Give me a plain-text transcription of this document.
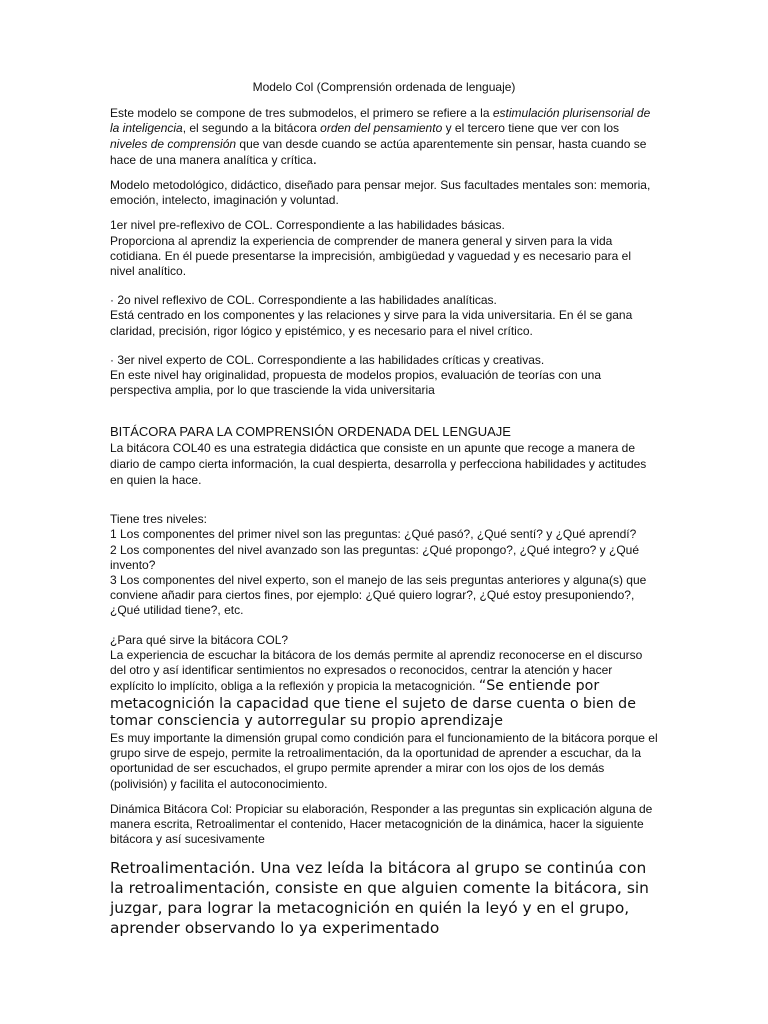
Modelo Col (Comprensión ordenada de lenguaje)

Este modelo se compone de tres submodelos, el primero se refiere a la estimulación plurisensorial de la inteligencia, el segundo a la bitácora orden del pensamiento y el tercero tiene que ver con los niveles de comprensión que van desde cuando se actúa aparentemente sin pensar, hasta cuando se hace de una manera analítica y crítica.

Modelo metodológico, didáctico, diseñado para pensar mejor. Sus facultades mentales son: memoria, emoción, intelecto, imaginación y voluntad.

1er nivel pre-reflexivo de COL. Correspondiente a las habilidades básicas.
Proporciona al aprendiz la experiencia de comprender de manera general y sirven para la vida cotidiana. En él puede presentarse la imprecisión, ambigüedad y vaguedad y es necesario para el nivel analítico.

· 2o nivel reflexivo de COL. Correspondiente a las habilidades analíticas.
Está centrado en los componentes y las relaciones y sirve para la vida universitaria. En él se gana claridad, precisión, rigor lógico y epistémico, y es necesario para el nivel crítico.

· 3er nivel experto de COL. Correspondiente a las habilidades críticas y creativas.
En este nivel hay originalidad, propuesta de modelos propios, evaluación de teorías con una perspectiva amplia, por lo que trasciende la vida universitaria

BITÁCORA PARA LA COMPRENSIÓN ORDENADA DEL LENGUAJE
La bitácora COL40 es una estrategia didáctica que consiste en un apunte que recoge a manera de diario de campo cierta información, la cual despierta, desarrolla y perfecciona habilidades y actitudes en quien la hace.

Tiene tres niveles:
1 Los componentes del primer nivel son las preguntas: ¿Qué pasó?, ¿Qué sentí? y ¿Qué aprendí?
2 Los componentes del nivel avanzado son las preguntas: ¿Qué propongo?, ¿Qué integro? y ¿Qué invento?
3 Los componentes del nivel experto, son el manejo de las seis preguntas anteriores y alguna(s) que conviene añadir para ciertos fines, por ejemplo: ¿Qué quiero lograr?, ¿Qué estoy presuponiendo?, ¿Qué utilidad tiene?, etc.

¿Para qué sirve la bitácora COL?
La experiencia de escuchar la bitácora de los demás permite al aprendiz reconocerse en el discurso del otro y así identificar sentimientos no expresados o reconocidos, centrar la atención y hacer explícito lo implícito, obliga a la reflexión y propicia la metacognición. “Se entiende por metacognición la capacidad que tiene el sujeto de darse cuenta o bien de tomar consciencia y autorregular su propio aprendizaje
Es muy importante la dimensión grupal como condición para el funcionamiento de la bitácora porque el grupo sirve de espejo, permite la retroalimentación, da la oportunidad de aprender a escuchar, da la oportunidad de ser escuchados, el grupo permite aprender a mirar con los ojos de los demás (polivisión) y facilita el autoconocimiento.

Dinámica Bitácora Col: Propiciar su elaboración, Responder a las preguntas sin explicación alguna de manera escrita, Retroalimentar el contenido, Hacer metacognición de la dinámica, hacer la siguiente bitácora y así sucesivamente

Retroalimentación. Una vez leída la bitácora al grupo se continúa con la retroalimentación, consiste en que alguien comente la bitácora, sin juzgar, para lograr la metacognición en quién la leyó y en el grupo, aprender observando lo ya experimentado
